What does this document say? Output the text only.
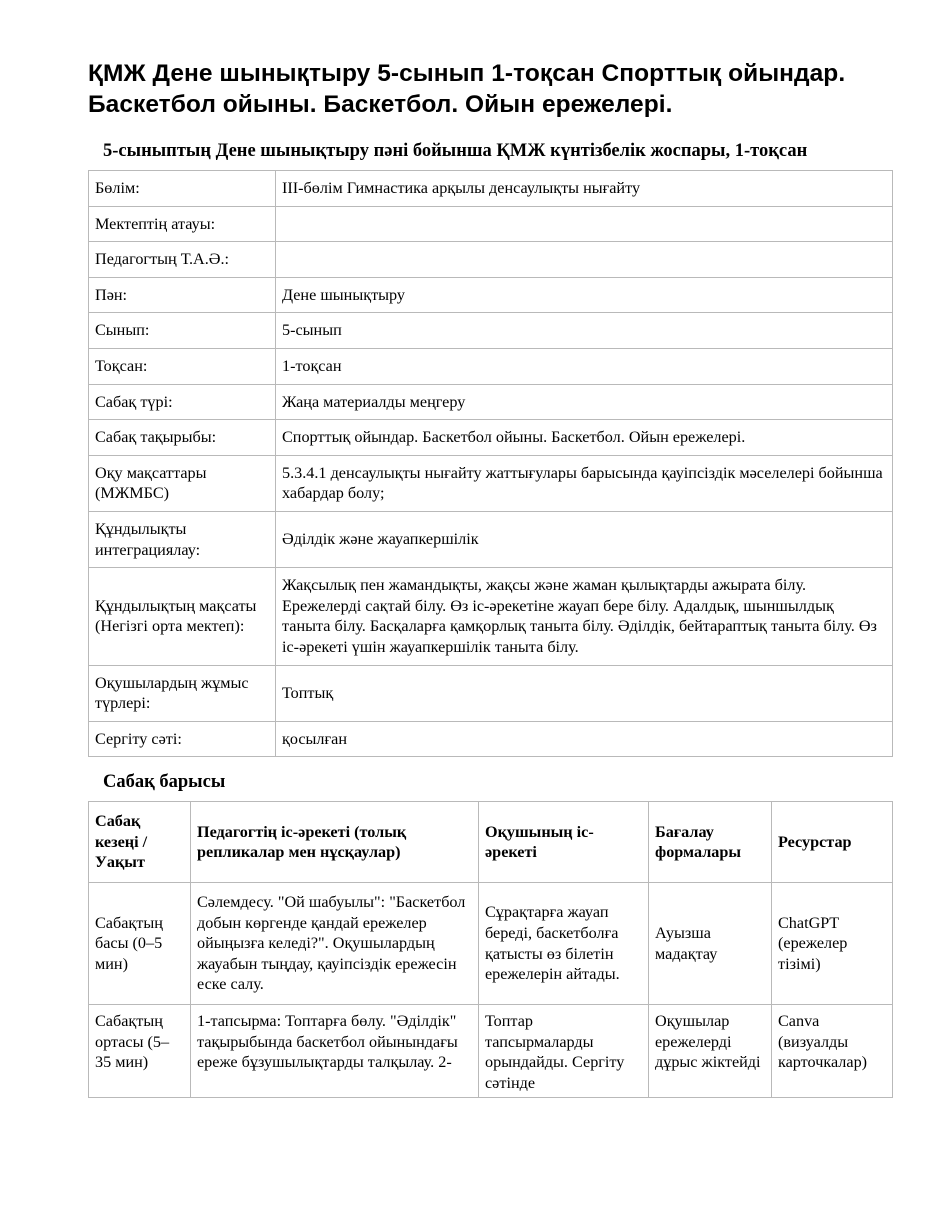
ҚМЖ Дене шынықтыру 5-сынып 1-тоқсан Спорттық ойындар. Баскетбол ойыны. Баскетбол. Ойын ережелері.
5-сыныптың Дене шынықтыру пәні бойынша ҚМЖ күнтізбелік жоспары, 1-тоқсан
Бөлім:	ІІІ-бөлім Гимнастика арқылы денсаулықты нығайту
Мектептің атауы:	
Педагогтың Т.А.Ә.:	
Пән:	Дене шынықтыру
Сынып:	5-сынып
Тоқсан:	1-тоқсан
Сабақ түрі:	Жаңа материалды меңгеру
Сабақ тақырыбы:	Спорттық ойындар. Баскетбол ойыны. Баскетбол. Ойын ережелері.
Оқу мақсаттары (МЖМБС)	5.3.4.1 денсаулықты нығайту жаттығулары барысында қауіпсіздік мәселелері бойынша хабардар болу;
Құндылықты интеграциялау:	Әділдік және жауапкершілік
Құндылықтың мақсаты (Негізгі орта мектеп):	Жақсылық пен жамандықты, жақсы және жаман қылықтарды ажырата білу. Ережелерді сақтай білу. Өз іс-әрекетіне жауап бере білу. Адалдық, шыншылдық таныта білу. Басқаларға қамқорлық таныта білу. Әділдік, бейтараптық таныта білу. Өз іс-әрекеті үшін жауапкершілік таныта білу.
Оқушылардың жұмыс түрлері:	Топтық
Сергіту сәті:	қосылған
Сабақ барысы
Сабақ кезеңі / Уақыт	Педагогтің іс-әрекеті (толық репликалар мен нұсқаулар)	Оқушының іс-әрекеті	Бағалау формалары	Ресурстар
Сабақтың басы (0–5 мин)	Сәлемдесу. "Ой шабуылы": "Баскетбол добын көргенде қандай ережелер ойыңызға келеді?". Оқушылардың жауабын тыңдау, қауіпсіздік ережесін еске салу.	Сұрақтарға жауап береді, баскетболға қатысты өз білетін ережелерін айтады.	Ауызша мадақтау	ChatGPT (ережелер тізімі)
Сабақтың ортасы (5–35 мин)	1-тапсырма: Топтарға бөлу. "Әділдік" тақырыбында баскетбол ойынындағы ереже бұзушылықтарды талқылау. 2-	Топтар тапсырмаларды орындайды. Сергіту сәтінде	Оқушылар ережелерді дұрыс жіктейді	Canva (визуалды карточкалар)
